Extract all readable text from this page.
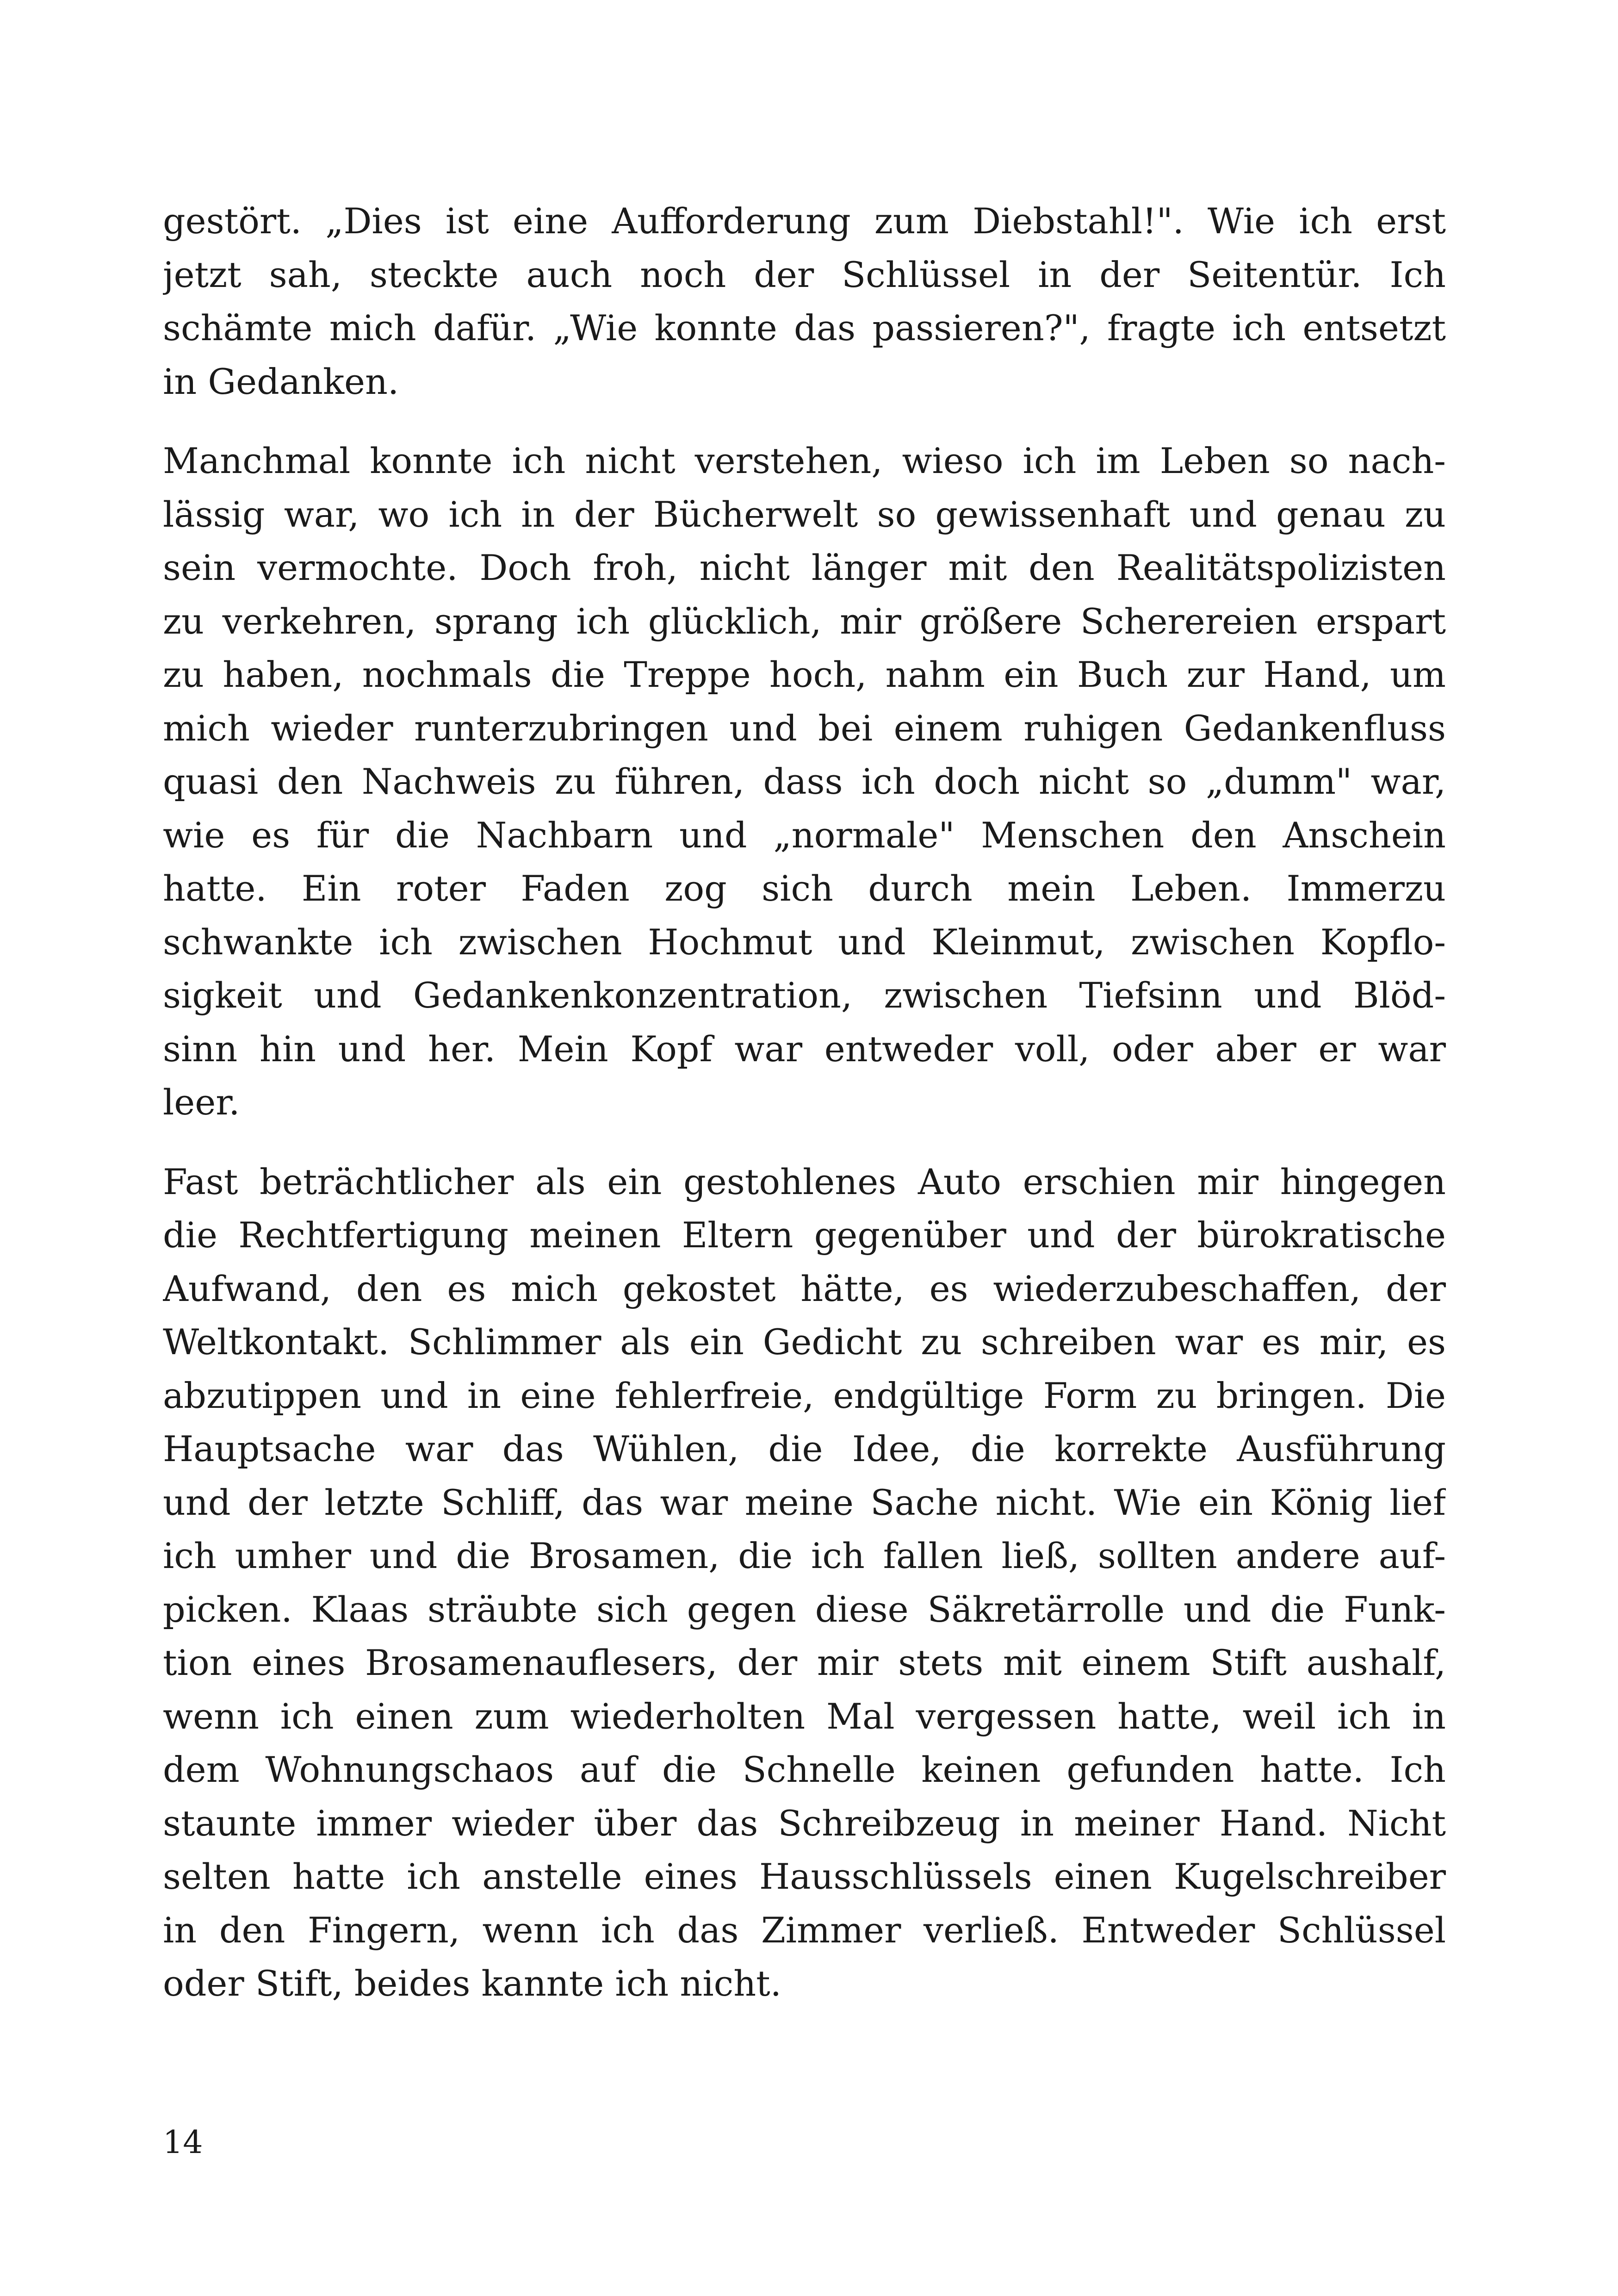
gestört. „Dies ist eine Aufforderung zum Diebstahl!". Wie ich erst
jetzt sah, steckte auch noch der Schlüssel in der Seitentür. Ich
schämte mich dafür. „Wie konnte das passieren?", fragte ich entsetzt
in Gedanken.
Manchmal konnte ich nicht verstehen, wieso ich im Leben so nach-
lässig war, wo ich in der Bücherwelt so gewissenhaft und genau zu
sein vermochte. Doch froh, nicht länger mit den Realitätspolizisten
zu verkehren, sprang ich glücklich, mir größere Scherereien erspart
zu haben, nochmals die Treppe hoch, nahm ein Buch zur Hand, um
mich wieder runterzubringen und bei einem ruhigen Gedankenfluss
quasi den Nachweis zu führen, dass ich doch nicht so „dumm" war,
wie es für die Nachbarn und „normale" Menschen den Anschein
hatte. Ein roter Faden zog sich durch mein Leben. Immerzu
schwankte ich zwischen Hochmut und Kleinmut, zwischen Kopflo-
sigkeit und Gedankenkonzentration, zwischen Tiefsinn und Blöd-
sinn hin und her. Mein Kopf war entweder voll, oder aber er war
leer.
Fast beträchtlicher als ein gestohlenes Auto erschien mir hingegen
die Rechtfertigung meinen Eltern gegenüber und der bürokratische
Aufwand, den es mich gekostet hätte, es wiederzubeschaffen, der
Weltkontakt. Schlimmer als ein Gedicht zu schreiben war es mir, es
abzutippen und in eine fehlerfreie, endgültige Form zu bringen. Die
Hauptsache war das Wühlen, die Idee, die korrekte Ausführung
und der letzte Schliff, das war meine Sache nicht. Wie ein König lief
ich umher und die Brosamen, die ich fallen ließ, sollten andere auf-
picken. Klaas sträubte sich gegen diese Säkretärrolle und die Funk-
tion eines Brosamenauflesers, der mir stets mit einem Stift aushalf,
wenn ich einen zum wiederholten Mal vergessen hatte, weil ich in
dem Wohnungschaos auf die Schnelle keinen gefunden hatte. Ich
staunte immer wieder über das Schreibzeug in meiner Hand. Nicht
selten hatte ich anstelle eines Hausschlüssels einen Kugelschreiber
in den Fingern, wenn ich das Zimmer verließ. Entweder Schlüssel
oder Stift, beides kannte ich nicht.
14
